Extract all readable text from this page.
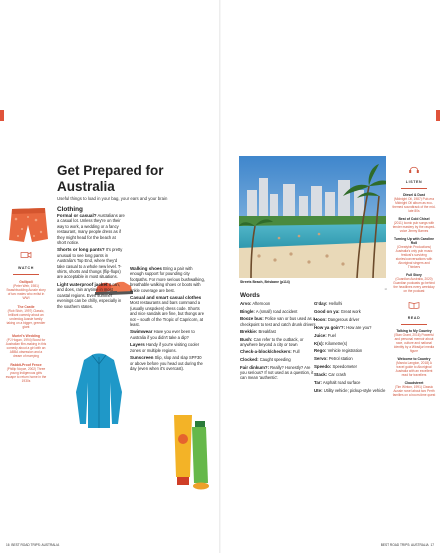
WATCH
Gallipoli
(Peter Weir, 1981) Swashbuckling Aussie story of two mates who enlist in WWI
The Castle
(Rob Sitch, 1997) Classic, brilliant comedy about an underdog Aussie family taking on a bigger, greedier giant
Muriel's Wedding
(PJ Hogan, 1994) Boost for Australian film-making in this comedy about a girl with an ABBA obsession and a dream of marrying
Rabbit-Proof Fence
(Phillip Noyce, 2002) Three young Indigenous girls escape to return home in the 1930s
Get Prepared for Australia
Useful things to load in your bag, your ears and your brain
Clothing
Formal or casual? Australians are a casual lot. Unless they're on their way to work, a wedding or a fancy restaurant, many people dress as if they might head for the beach at short notice.
Shorts or long pants? It's pretty unusual to see long pants in Australia's Top End, where they'd take casual to a whole new level. T-shirts, shorts and thongs (flip-flops) are acceptable in most situations.
Light waterproof jacket It can, and does, rain anytime in most coastal regions. Even summer evenings can be chilly, especially in the southern states.
Walking shoes Bring a pair with enough support for pounding city footpaths. For more serious bushwalking, breathable walking shoes or boots with ankle coverage are best.
Casual and smart casual clothes Most restaurants and bars command a (usually unspoken) dress code. Shorts and nice sandals are fine, but thongs are not – south of the Tropic of Capricorn, at least.
Swimwear Have you ever been to Australia if you didn't take a dip?
Layers Handy if you're visiting cooler zones or multiple regions.
Sunscreen Slip, slop and slap SPF30 or above before you head out during the day (even when it's overcast).
Streets Beach, Brisbane (p114)
©
Words
Arvo: Afternoon
Bingle: A (small) road accident
Booze bus: Police van or bus used as a checkpoint to test and catch drunk drivers
Brekkie: Breakfast
Bush: Can refer to the outback, or anywhere beyond a city or town
Check-a-block/checkers: Full
Clocked: Caught speeding
Fair dinkum?: Really? Honestly? Are you serious? If not used as a question, it can mean 'authentic'.
G'day: Hello/hi
Good on ya: Great work
Hoon: Dangerous driver
How ya goin'?: How are you?
Juice: Fuel
K(s): Kilometre(s)
Rego: Vehicle registration
Servo: Petrol station
Speedo: Speedometer
Stack: Car crash
Tar: Asphalt road surface
Ute: Utility vehicle; pickup-style vehicle
LISTEN
Diesel & Dust
(Midnight Oil, 1987) Pub-era Midnight Oil album as eco-themed soundtrack of the mid-late 80s
Best of Cold Chisel
(2011) Iconic pub songs with tender mastery by the rasped-voice Jimmy Barnes
Turning Up with Caroline Roll
(Cheatyhin Productions) Australia's only pub music festival's surviving stories/conversations with Aboriginal singers and Thinkers
Full Story
(Guardian Australia, 2020) Guardian podcasts go behind the headlines every weekday on the podcast
READ
Talking to My Country
(Stan Grant, 2016) Powerful and personal memoir about race, culture and national identity by a Wiradjuri media figure
Welcome to Country
(Marcia Langton, 2018) A travel guide to Aboriginal Australia with an excellent read for travellers
Cloudstreet
(Tim Winton, 1991) Classic Aussie novel about two Perth families on a boom-time quest
16 BEST ROAD TRIPS: AUSTRALIA	BEST ROAD TRIPS: AUSTRALIA 17
